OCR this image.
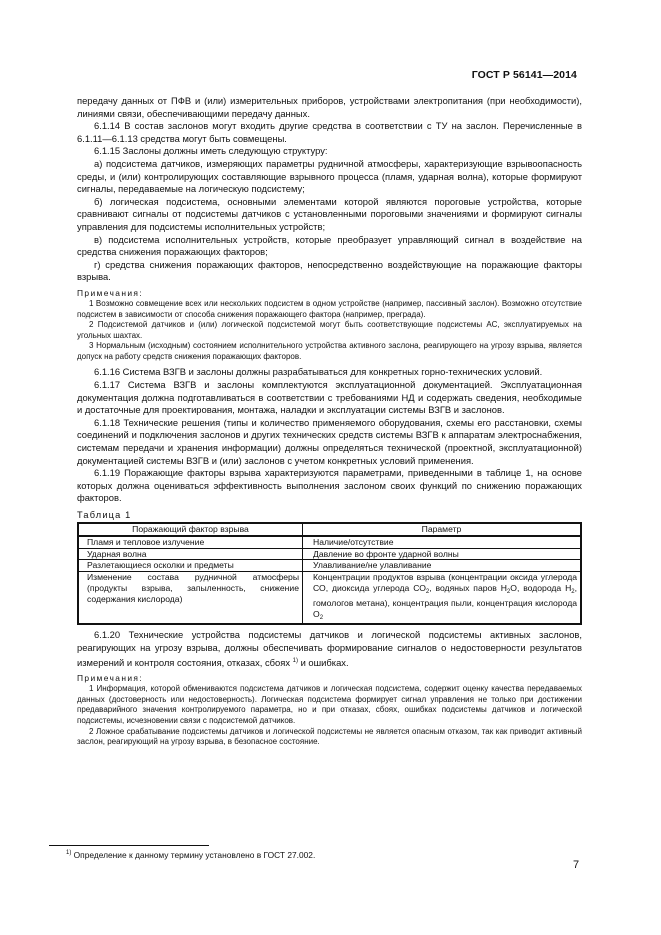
ГОСТ Р 56141—2014

передачу данных от ПФВ и (или) измерительных приборов, устройствами электропитания (при необходимости), линиями связи, обеспечивающими передачу данных.

6.1.14 В состав заслонов могут входить другие средства в соответствии с ТУ на заслон. Перечисленные в 6.1.11—6.1.13 средства могут быть совмещены.

6.1.15 Заслоны должны иметь следующую структуру:

а) подсистема датчиков, измеряющих параметры рудничной атмосферы, характеризующие взрывоопасность среды, и (или) контролирующих составляющие взрывного процесса (пламя, ударная волна), которые формируют сигналы, передаваемые на логическую подсистему;

б) логическая подсистема, основными элементами которой являются пороговые устройства, которые сравнивают сигналы от подсистемы датчиков с установленными пороговыми значениями и формируют сигналы управления для подсистемы исполнительных устройств;

в) подсистема исполнительных устройств, которые преобразует управляющий сигнал в воздействие на средства снижения поражающих факторов;

г) средства снижения поражающих факторов, непосредственно воздействующие на поражающие факторы взрыва.

Примечания:

1 Возможно совмещение всех или нескольких подсистем в одном устройстве (например, пассивный заслон). Возможно отсутствие подсистем в зависимости от способа снижения поражающего фактора (например, преграда).

2 Подсистемой датчиков и (или) логической подсистемой могут быть соответствующие подсистемы АС, эксплуатируемых на угольных шахтах.

3 Нормальным (исходным) состоянием исполнительного устройства активного заслона, реагирующего на угрозу взрыва, является допуск на работу средств снижения поражающих факторов.

6.1.16 Система ВЗГВ и заслоны должны разрабатываться для конкретных горно-технических условий.

6.1.17 Система ВЗГВ и заслоны комплектуются эксплуатационной документацией. Эксплуатационная документация должна подготавливаться в соответствии с требованиями НД и содержать сведения, необходимые и достаточные для проектирования, монтажа, наладки и эксплуатации системы ВЗГВ и заслонов.

6.1.18 Технические решения (типы и количество применяемого оборудования, схемы его расстановки, схемы соединений и подключения заслонов и других технических средств системы ВЗГВ к аппаратам электроснабжения, системам передачи и хранения информации) должны определяться технической (проектной, эксплуатационной) документацией системы ВЗГВ и (или) заслонов с учетом конкретных условий применения.

6.1.19 Поражающие факторы взрыва характеризуются параметрами, приведенными в таблице 1, на основе которых должна оцениваться эффективность выполнения заслоном своих функций по снижению поражающих факторов.

Таблица 1

Поражающий фактор взрыва	Параметр
Пламя и тепловое излучение	Наличие/отсутствие
Ударная волна	Давление во фронте ударной волны
Разлетающиеся осколки и предметы	Улавливание/не улавливание
Изменение состава рудничной атмосферы (продукты взрыва, запыленность, снижение содержания кислорода)	Концентрации продуктов взрыва (концентрации оксида углерода СО, диоксида углерода $СО_2$, водяных паров $Н_2О$, водорода $Н_2$, гомологов метана), концентрация пыли, концентрация кислорода $О_2$

6.1.20 Технические устройства подсистемы датчиков и логической подсистемы активных заслонов, реагирующих на угрозу взрыва, должны обеспечивать формирование сигналов о недостоверности результатов измерений и контроля состояния, отказах, сбоях $^{1)}$ и ошибках.

Примечания:

1 Информация, которой обмениваются подсистема датчиков и логическая подсистема, содержит оценку качества передаваемых данных (достоверность или недостоверность). Логическая подсистема формирует сигнал управления не только при достижении предаварийного значения контролируемого параметра, но и при отказах, сбоях, ошибках подсистемы датчиков и логической подсистемы, исчезновении связи с подсистемой датчиков.

2 Ложное срабатывание подсистемы датчиков и логической подсистемы не является опасным отказом, так как приводит активный заслон, реагирующий на угрозу взрыва, в безопасное состояние.

$^{1)}$ Определение к данному термину установлено в ГОСТ 27.002.
7
